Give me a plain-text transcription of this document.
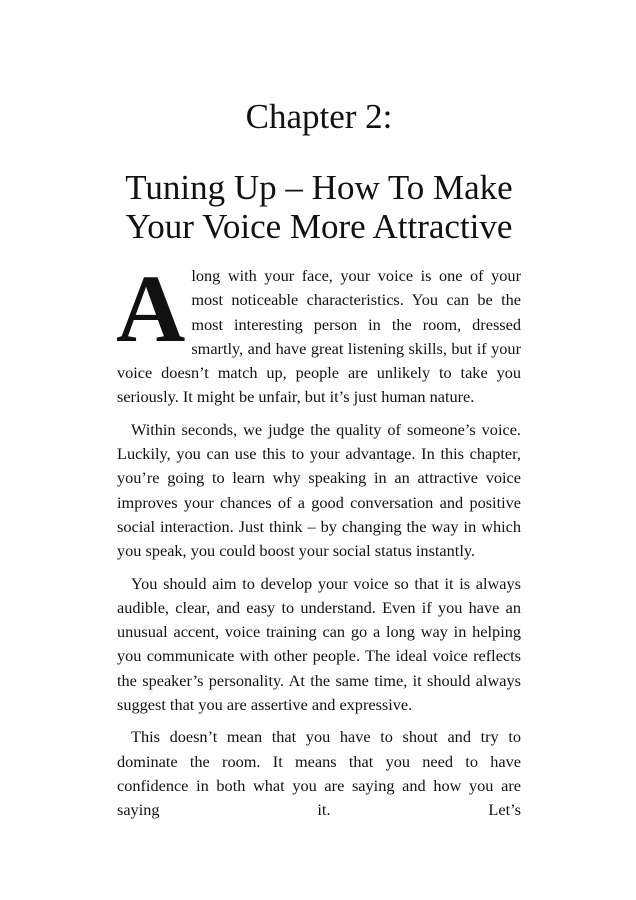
Chapter 2:
Tuning Up – How To Make
Your Voice More Attractive

Along with your face, your voice is one of your most noticeable characteristics. You can be the most interesting person in the room, dressed smartly, and have great listening skills, but if your voice doesn’t match up, people are unlikely to take you seriously. It might be unfair, but it’s just human nature.

Within seconds, we judge the quality of someone’s voice. Luckily, you can use this to your advantage. In this chapter, you’re going to learn why speaking in an attractive voice improves your chances of a good conversation and positive social interaction. Just think – by changing the way in which you speak, you could boost your social status instantly.

You should aim to develop your voice so that it is always audible, clear, and easy to understand. Even if you have an unusual accent, voice training can go a long way in helping you communicate with other people. The ideal voice reflects the speaker’s personality. At the same time, it should always suggest that you are assertive and expressive.

This doesn’t mean that you have to shout and try to dominate the room. It means that you need to have confidence in both what you are saying and how you are saying it. Let’s
